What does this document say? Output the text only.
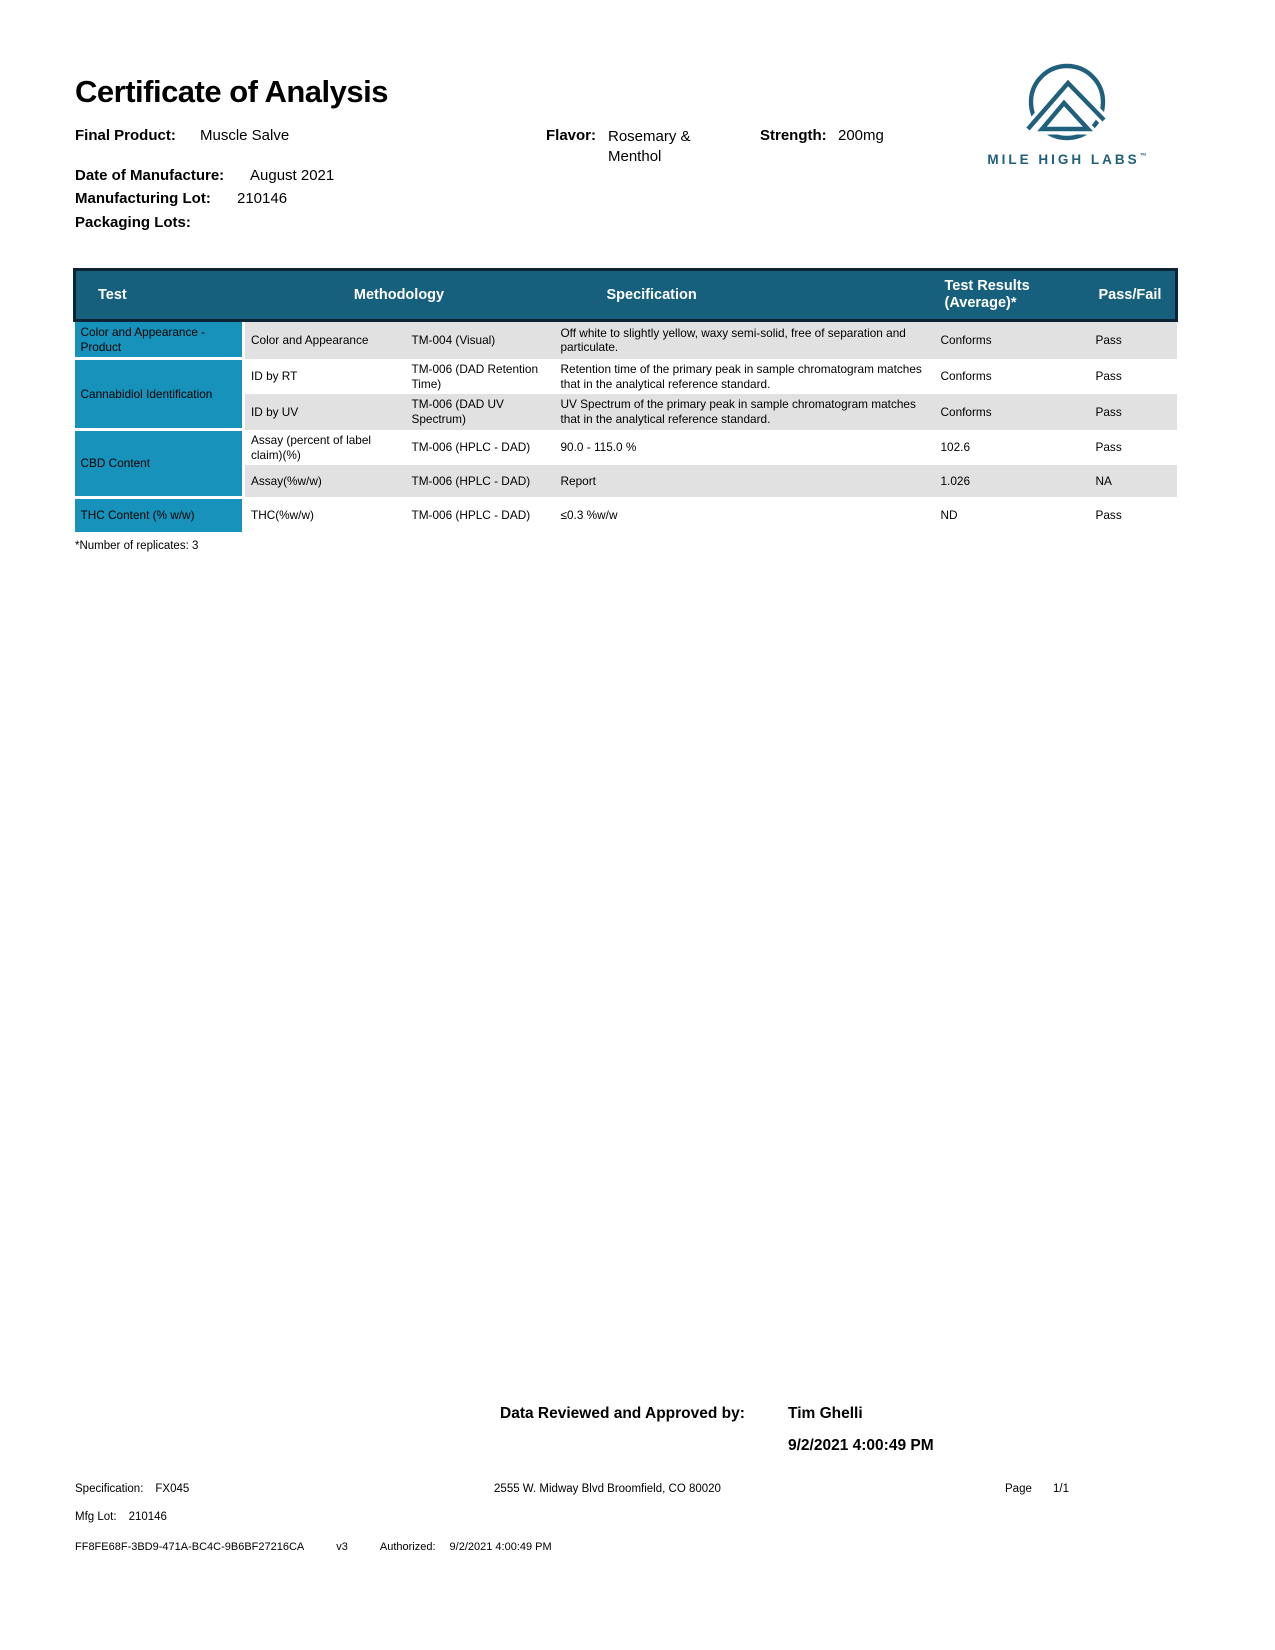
Certificate of Analysis
MILE HIGH LABS™
Final Product: Muscle Salve	Flavor: Rosemary & Menthol
Strength: 200mg
Date of Manufacture: August 2021
Manufacturing Lot: 210146
Packaging Lots:
Test	Methodology		Specification	Test Results (Average)*	Pass/Fail
Color and Appearance - Product	Color and Appearance	TM-004 (Visual)	Off white to slightly yellow, waxy semi-solid, free of separation and particulate.	Conforms	Pass
Cannabidiol Identification	ID by RT	TM-006 (DAD Retention Time)	Retention time of the primary peak in sample chromatogram matches that in the analytical reference standard.	Conforms	Pass
	ID by UV	TM-006 (DAD UV Spectrum)	UV Spectrum of the primary peak in sample chromatogram matches that in the analytical reference standard.	Conforms	Pass
CBD Content	Assay (percent of label claim)(%)	TM-006 (HPLC - DAD)	90.0 - 115.0 %	102.6	Pass
	Assay(%w/w)	TM-006 (HPLC - DAD)	Report	1.026	NA
THC Content (% w/w)	THC(%w/w)	TM-006 (HPLC - DAD)	≤0.3 %w/w	ND	Pass
*Number of replicates: 3
Data Reviewed and Approved by:	Tim Ghelli
9/2/2021 4:00:49 PM
Specification: FX045	2555 W. Midway Blvd Broomfield, CO 80020	Page 1/1
Mfg Lot: 210146
FF8FE68F-3BD9-471A-BC4C-9B6BF27216CA	v3	Authorized: 9/2/2021 4:00:49 PM
